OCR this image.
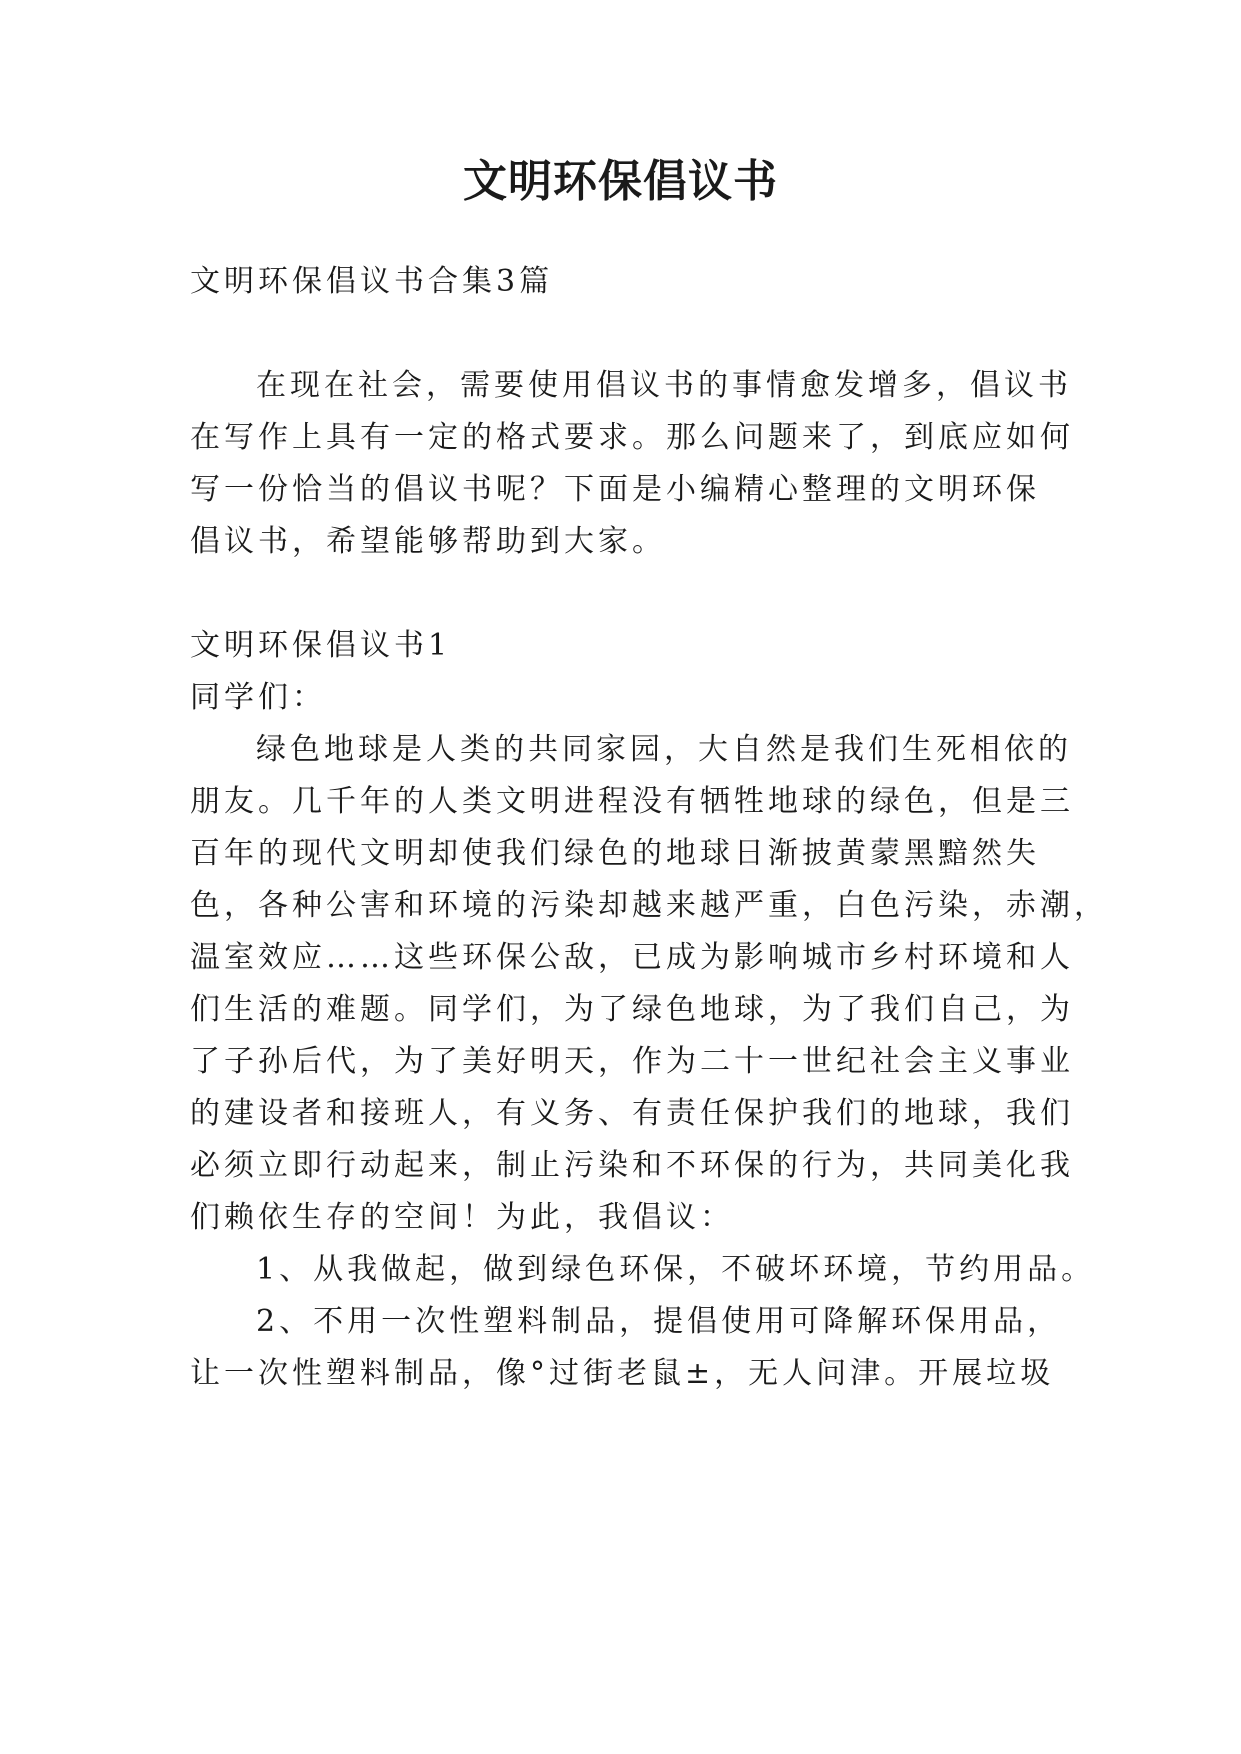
文明环保倡议书
文明环保倡议书合集3篇
在现在社会，需要使用倡议书的事情愈发增多，倡议书
在写作上具有一定的格式要求。那么问题来了，到底应如何
写一份恰当的倡议书呢？下面是小编精心整理的文明环保
倡议书，希望能够帮助到大家。
文明环保倡议书1
同学们：
绿色地球是人类的共同家园，大自然是我们生死相依的
朋友。几千年的人类文明进程没有牺牲地球的绿色，但是三
百年的现代文明却使我们绿色的地球日渐披黄蒙黑黯然失
色，各种公害和环境的污染却越来越严重，白色污染，赤潮，
温室效应……这些环保公敌，已成为影响城市乡村环境和人
们生活的难题。同学们，为了绿色地球，为了我们自己，为
了子孙后代，为了美好明天，作为二十一世纪社会主义事业
的建设者和接班人，有义务、有责任保护我们的地球，我们
必须立即行动起来，制止污染和不环保的行为，共同美化我
们赖依生存的空间！为此，我倡议：
1、从我做起，做到绿色环保，不破坏环境，节约用品。
2、不用一次性塑料制品，提倡使用可降解环保用品，
让一次性塑料制品，像°过街老鼠±，无人问津。开展垃圾
